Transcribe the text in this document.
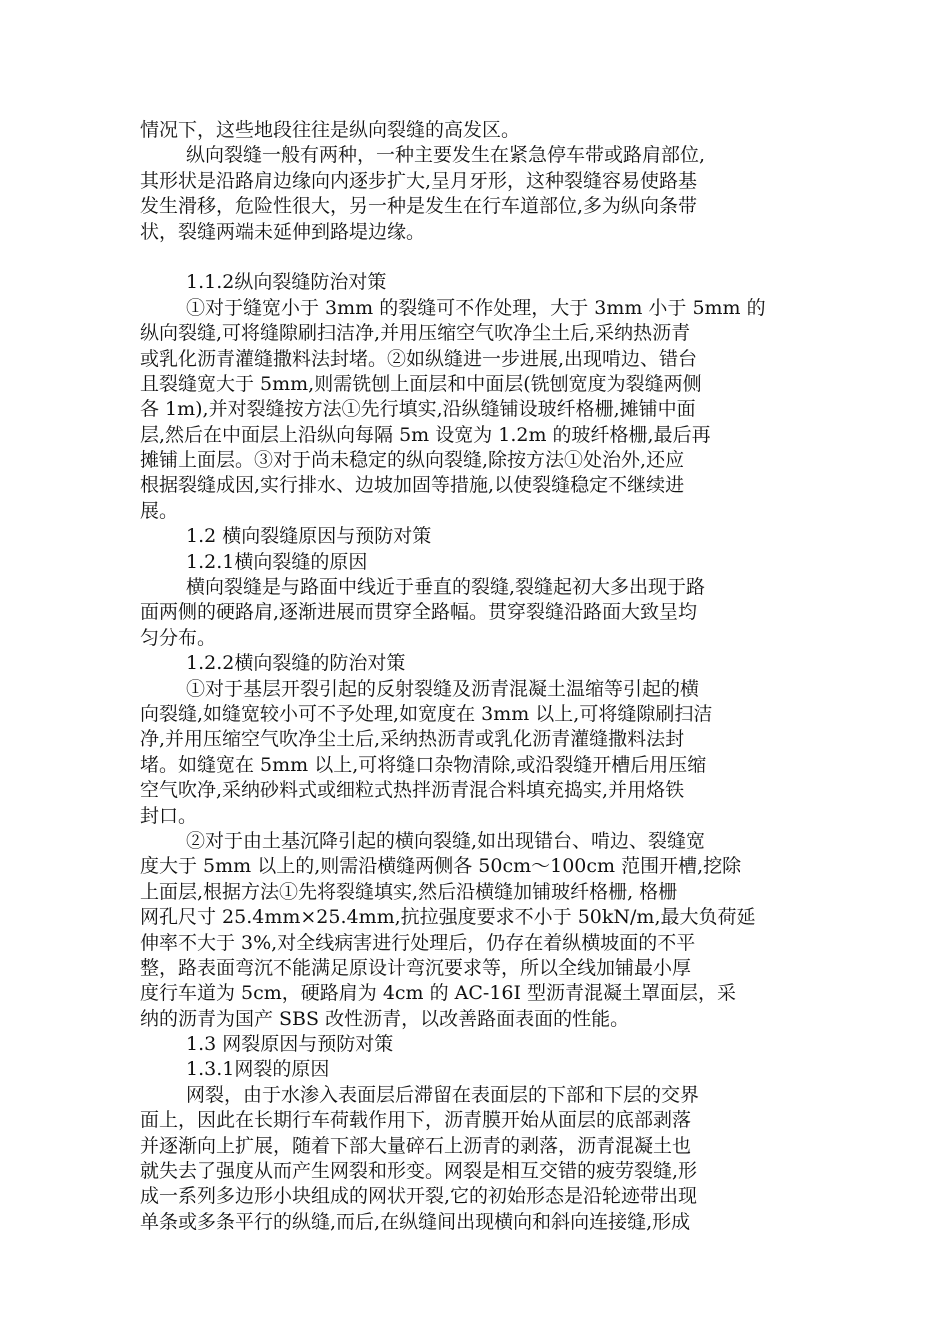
情况下，这些地段往往是纵向裂缝的高发区。
纵向裂缝一般有两种，一种主要发生在紧急停车带或路肩部位,
其形状是沿路肩边缘向内逐步扩大,呈月牙形，这种裂缝容易使路基
发生滑移，危险性很大，另一种是发生在行车道部位,多为纵向条带
状，裂缝两端未延伸到路堤边缘。
1.1.2纵向裂缝防治对策
①对于缝宽小于 3mm 的裂缝可不作处理，大于 3mm 小于 5mm 的
纵向裂缝,可将缝隙刷扫洁净,并用压缩空气吹净尘土后,采纳热沥青
或乳化沥青灌缝撒料法封堵。②如纵缝进一步进展,出现啃边、错台
且裂缝宽大于 5mm,则需铣刨上面层和中面层(铣刨宽度为裂缝两侧
各 1m),并对裂缝按方法①先行填实,沿纵缝铺设玻纤格栅,摊铺中面
层,然后在中面层上沿纵向每隔 5m 设宽为 1.2m 的玻纤格栅,最后再
摊铺上面层。③对于尚未稳定的纵向裂缝,除按方法①处治外,还应
根据裂缝成因,实行排水、边坡加固等措施,以使裂缝稳定不继续进
展。
1.2 横向裂缝原因与预防对策
1.2.1横向裂缝的原因
横向裂缝是与路面中线近于垂直的裂缝,裂缝起初大多出现于路
面两侧的硬路肩,逐渐进展而贯穿全路幅。贯穿裂缝沿路面大致呈均
匀分布。
1.2.2横向裂缝的防治对策
①对于基层开裂引起的反射裂缝及沥青混凝土温缩等引起的横
向裂缝,如缝宽较小可不予处理,如宽度在 3mm 以上,可将缝隙刷扫洁
净,并用压缩空气吹净尘土后,采纳热沥青或乳化沥青灌缝撒料法封
堵。如缝宽在 5mm 以上,可将缝口杂物清除,或沿裂缝开槽后用压缩
空气吹净,采纳砂料式或细粒式热拌沥青混合料填充捣实,并用烙铁
封口。
②对于由土基沉降引起的横向裂缝,如出现错台、啃边、裂缝宽
度大于 5mm 以上的,则需沿横缝两侧各 50cm～100cm 范围开槽,挖除
上面层,根据方法①先将裂缝填实,然后沿横缝加铺玻纤格栅, 格栅
网孔尺寸 25.4mm×25.4mm,抗拉强度要求不小于 50kN/m,最大负荷延
伸率不大于 3%,对全线病害进行处理后，仍存在着纵横坡面的不平
整，路表面弯沉不能满足原设计弯沉要求等，所以全线加铺最小厚
度行车道为 5cm，硬路肩为 4cm 的 AC-16I 型沥青混凝土罩面层，采
纳的沥青为国产 SBS 改性沥青，以改善路面表面的性能。
1.3 网裂原因与预防对策
1.3.1网裂的原因
网裂，由于水渗入表面层后滞留在表面层的下部和下层的交界
面上，因此在长期行车荷载作用下，沥青膜开始从面层的底部剥落
并逐渐向上扩展，随着下部大量碎石上沥青的剥落，沥青混凝土也
就失去了强度从而产生网裂和形变。网裂是相互交错的疲劳裂缝,形
成一系列多边形小块组成的网状开裂,它的初始形态是沿轮迹带出现
单条或多条平行的纵缝,而后,在纵缝间出现横向和斜向连接缝,形成
